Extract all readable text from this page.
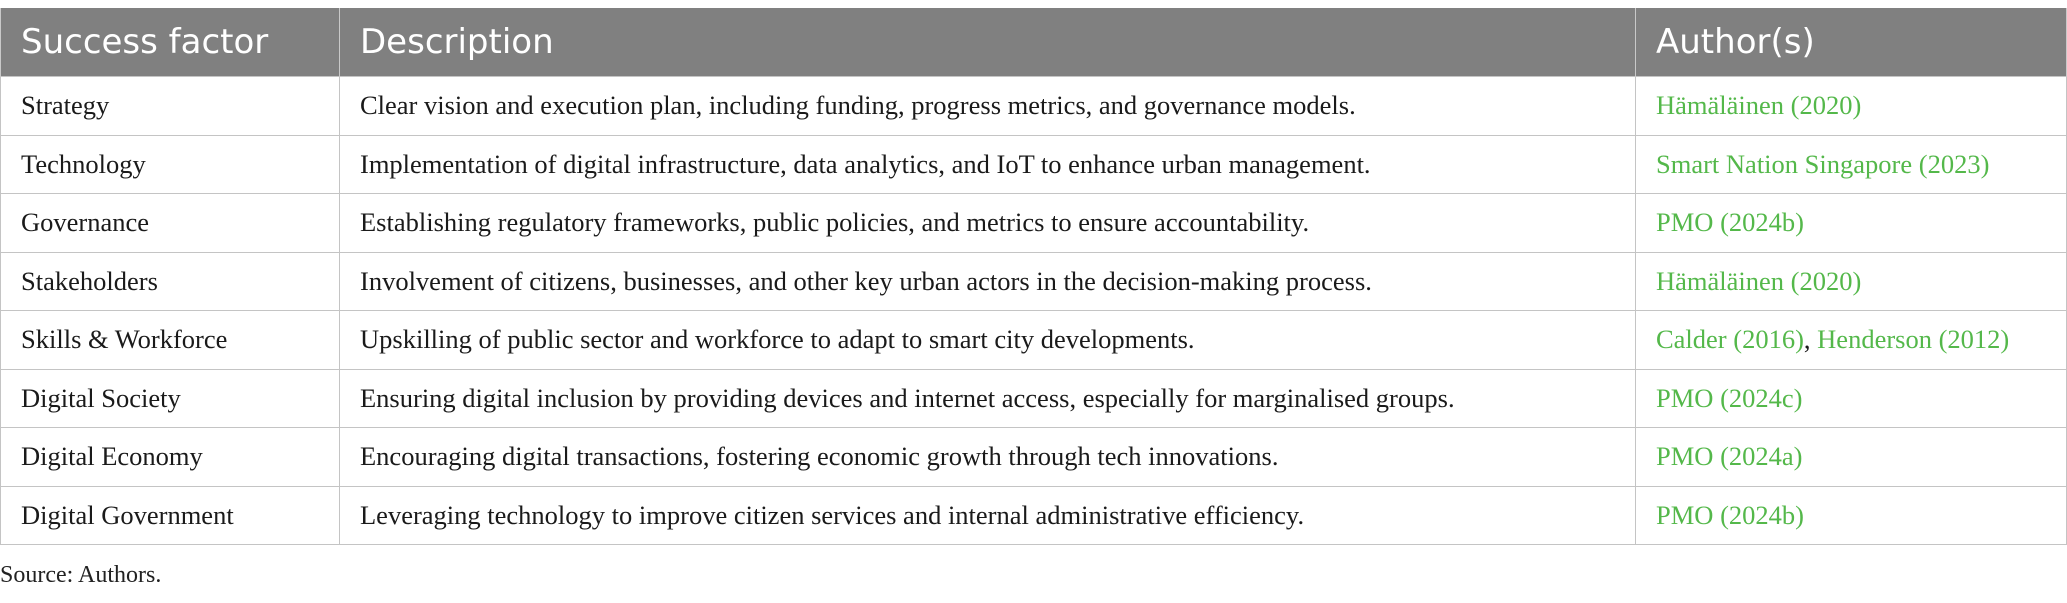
Success factor	Description	Author(s)
Strategy	Clear vision and execution plan, including funding, progress metrics, and governance models.	Hämäläinen (2020)
Technology	Implementation of digital infrastructure, data analytics, and IoT to enhance urban management.	Smart Nation Singapore (2023)
Governance	Establishing regulatory frameworks, public policies, and metrics to ensure accountability.	PMO (2024b)
Stakeholders	Involvement of citizens, businesses, and other key urban actors in the decision-making process.	Hämäläinen (2020)
Skills & Workforce	Upskilling of public sector and workforce to adapt to smart city developments.	Calder (2016), Henderson (2012)
Digital Society	Ensuring digital inclusion by providing devices and internet access, especially for marginalised groups.	PMO (2024c)
Digital Economy	Encouraging digital transactions, fostering economic growth through tech innovations.	PMO (2024a)
Digital Government	Leveraging technology to improve citizen services and internal administrative efficiency.	PMO (2024b)
Source: Authors.
